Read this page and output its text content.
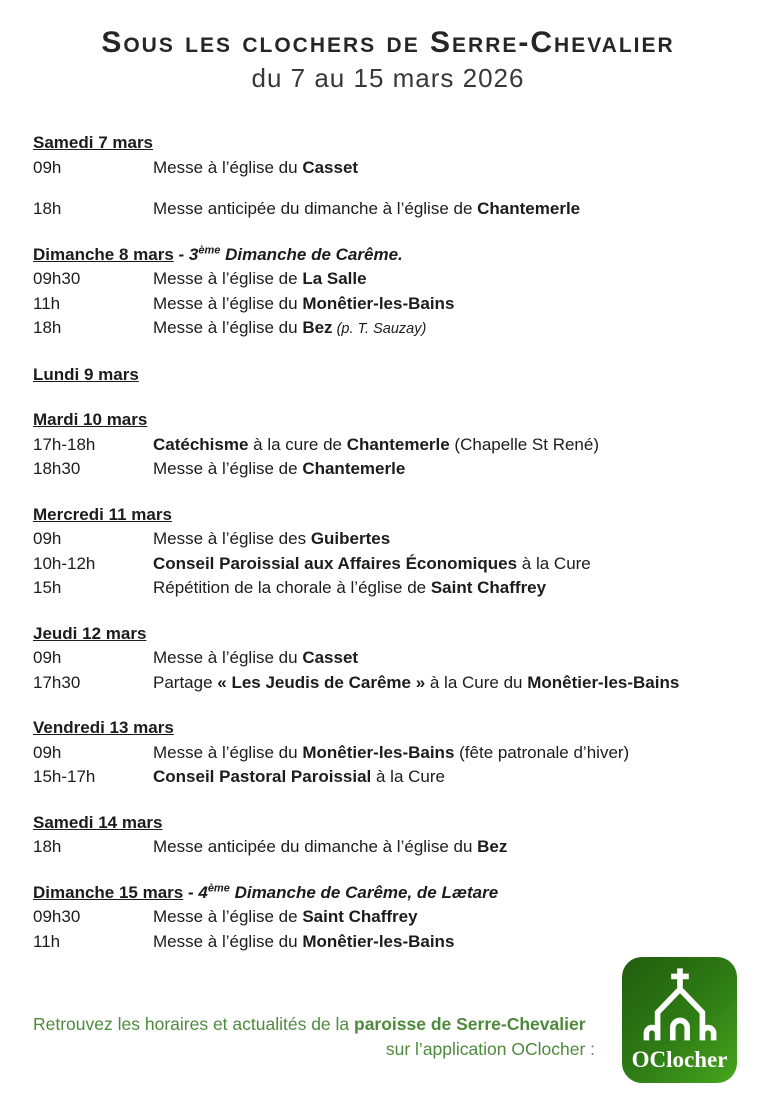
Sous les clochers de Serre-Chevalier
du 7 au 15 mars 2026
Samedi 7 mars
09h	Messe à l’église du Casset
18h	Messe anticipée du dimanche à l’église de Chantemerle
Dimanche 8 mars - 3ème Dimanche de Carême.
09h30	Messe à l’église de La Salle
11h	Messe à l’église du Monêtier-les-Bains
18h	Messe à l’église du Bez (p. T. Sauzay)
Lundi 9 mars
Mardi 10 mars
17h-18h	Catéchisme à la cure de Chantemerle (Chapelle St René)
18h30	Messe à l’église de Chantemerle
Mercredi 11 mars
09h	Messe à l’église des Guibertes
10h-12h	Conseil Paroissial aux Affaires Économiques à la Cure
15h	Répétition de la chorale à l’église de Saint Chaffrey
Jeudi 12 mars
09h	Messe à l’église du Casset
17h30	Partage « Les Jeudis de Carême » à la Cure du Monêtier-les-Bains
Vendredi 13 mars
09h	Messe à l’église du Monêtier-les-Bains (fête patronale d’hiver)
15h-17h	Conseil Pastoral Paroissial à la Cure
Samedi 14 mars
18h	Messe anticipée du dimanche à l’église du Bez
Dimanche 15 mars - 4ème Dimanche de Carême, de Lætare
09h30	Messe à l’église de Saint Chaffrey
11h	Messe à l’église du Monêtier-les-Bains
Retrouvez les horaires et actualités de la paroisse de Serre-Chevalier
sur l’application OClocher : OClocher
